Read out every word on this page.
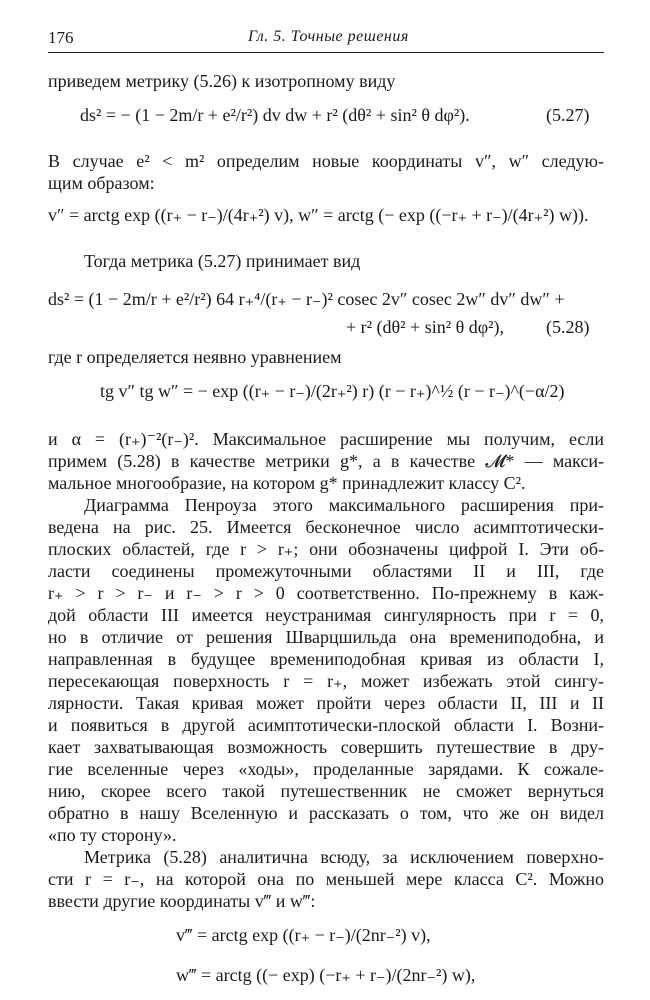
176	Гл. 5. Точные решения
приведем метрику (5.26) к изотропному виду
ds² = − (1 − 2m/r + e²/r²) dv dw + r² (dθ² + sin² θ dφ²).	(5.27)
В случае e² < m² определим новые координаты v″, w″ следую-
щим образом:
v″ = arctg exp ((r₊ − r₋)/(4r₊²) v), w″ = arctg (− exp ((−r₊ + r₋)/(4r₊²) w)).
Тогда метрика (5.27) принимает вид
ds² = (1 − 2m/r + e²/r²) 64 r₊⁴/(r₊ − r₋)² cosec 2v″ cosec 2w″ dv″ dw″ +
+ r² (dθ² + sin² θ dφ²), (5.28)
где r определяется неявно уравнением
tg v″ tg w″ = − exp ((r₊ − r₋)/(2r₊²) r) (r − r₊)^½ (r − r₋)^(−α/2)
и α = (r₊)⁻²(r₋)². Максимальное расширение мы получим, если
примем (5.28) в качестве метрики g*, а в качестве 𝓜* — макси-
мальное многообразие, на котором g* принадлежит классу C².
Диаграмма Пенроуза этого максимального расширения при-
ведена на рис. 25. Имеется бесконечное число асимптотически-
плоских областей, где r > r₊; они обозначены цифрой I. Эти об-
ласти соединены промежуточными областями II и III, где
r₊ > r > r₋ и r₋ > r > 0 соответственно. По-прежнему в каж-
дой области III имеется неустранимая сингулярность при r = 0,
но в отличие от решения Шварцшильда она времениподобна, и
направленная в будущее времениподобная кривая из области I,
пересекающая поверхность r = r₊, может избежать этой сингу-
лярности. Такая кривая может пройти через области II, III и II
и появиться в другой асимптотически-плоской области I. Возни-
кает захватывающая возможность совершить путешествие в дру-
гие вселенные через «ходы», проделанные зарядами. К сожале-
нию, скорее всего такой путешественник не сможет вернуться
обратно в нашу Вселенную и рассказать о том, что же он видел
«по ту сторону».
Метрика (5.28) аналитична всюду, за исключением поверхно-
сти r = r₋, на которой она по меньшей мере класса C². Можно
ввести другие координаты v‴ и w‴:
v‴ = arctg exp ((r₊ − r₋)/(2nr₋²) v),
w‴ = arctg ((− exp) (−r₊ + r₋)/(2nr₋²) w),
